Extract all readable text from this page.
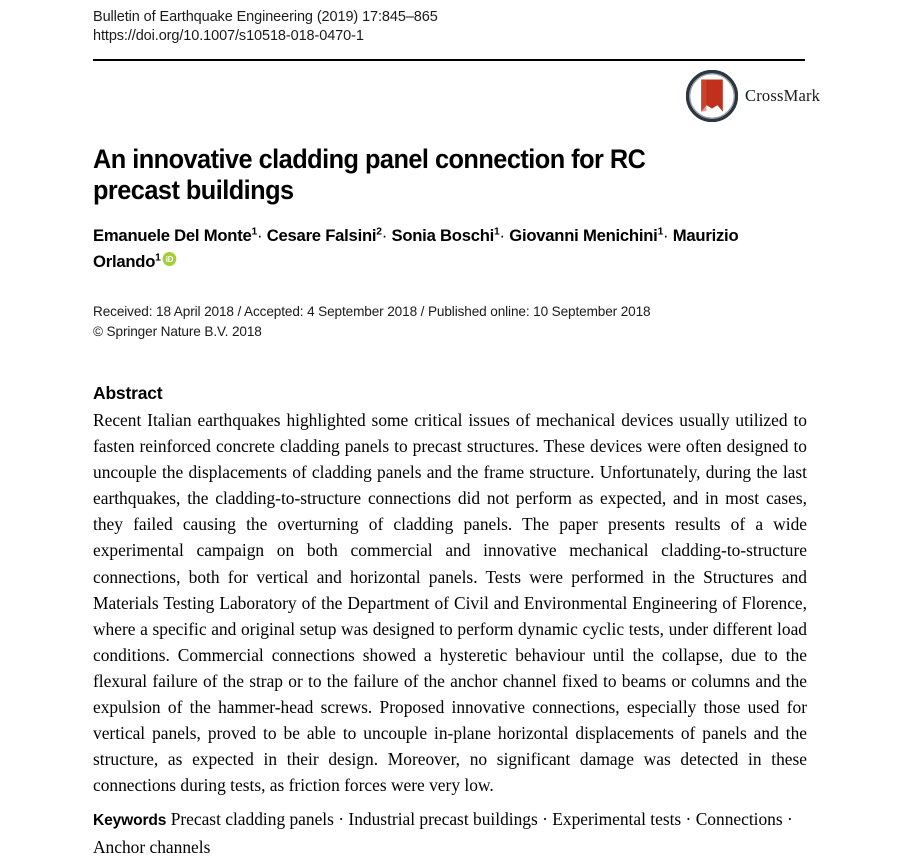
Bulletin of Earthquake Engineering (2019) 17:845–865
https://doi.org/10.1007/s10518-018-0470-1
CrossMark
An innovative cladding panel connection for RC precast buildings
Emanuele Del Monte$^1$· Cesare Falsini$^2$· Sonia Boschi$^1$· Giovanni Menichini$^1$· Maurizio Orlando$^1$ iD
Received: 18 April 2018 / Accepted: 4 September 2018 / Published online: 10 September 2018
© Springer Nature B.V. 2018
Abstract
Recent Italian earthquakes highlighted some critical issues of mechanical devices usually utilized to fasten reinforced concrete cladding panels to precast structures. These devices were often designed to uncouple the displacements of cladding panels and the frame structure. Unfortunately, during the last earthquakes, the cladding-to-structure connections did not perform as expected, and in most cases, they failed causing the overturning of cladding panels. The paper presents results of a wide experimental campaign on both commercial and innovative mechanical cladding-to-structure connections, both for vertical and horizontal panels. Tests were performed in the Structures and Materials Testing Laboratory of the Department of Civil and Environmental Engineering of Florence, where a specific and original setup was designed to perform dynamic cyclic tests, under different load conditions. Commercial connections showed a hysteretic behaviour until the collapse, due to the flexural failure of the strap or to the failure of the anchor channel fixed to beams or columns and the expulsion of the hammer-head screws. Proposed innovative connections, especially those used for vertical panels, proved to be able to uncouple in-plane horizontal displacements of panels and the structure, as expected in their design. Moreover, no significant damage was detected in these connections during tests, as friction forces were very low.
Keywords Precast cladding panels · Industrial precast buildings · Experimental tests · Connections · Anchor channels
